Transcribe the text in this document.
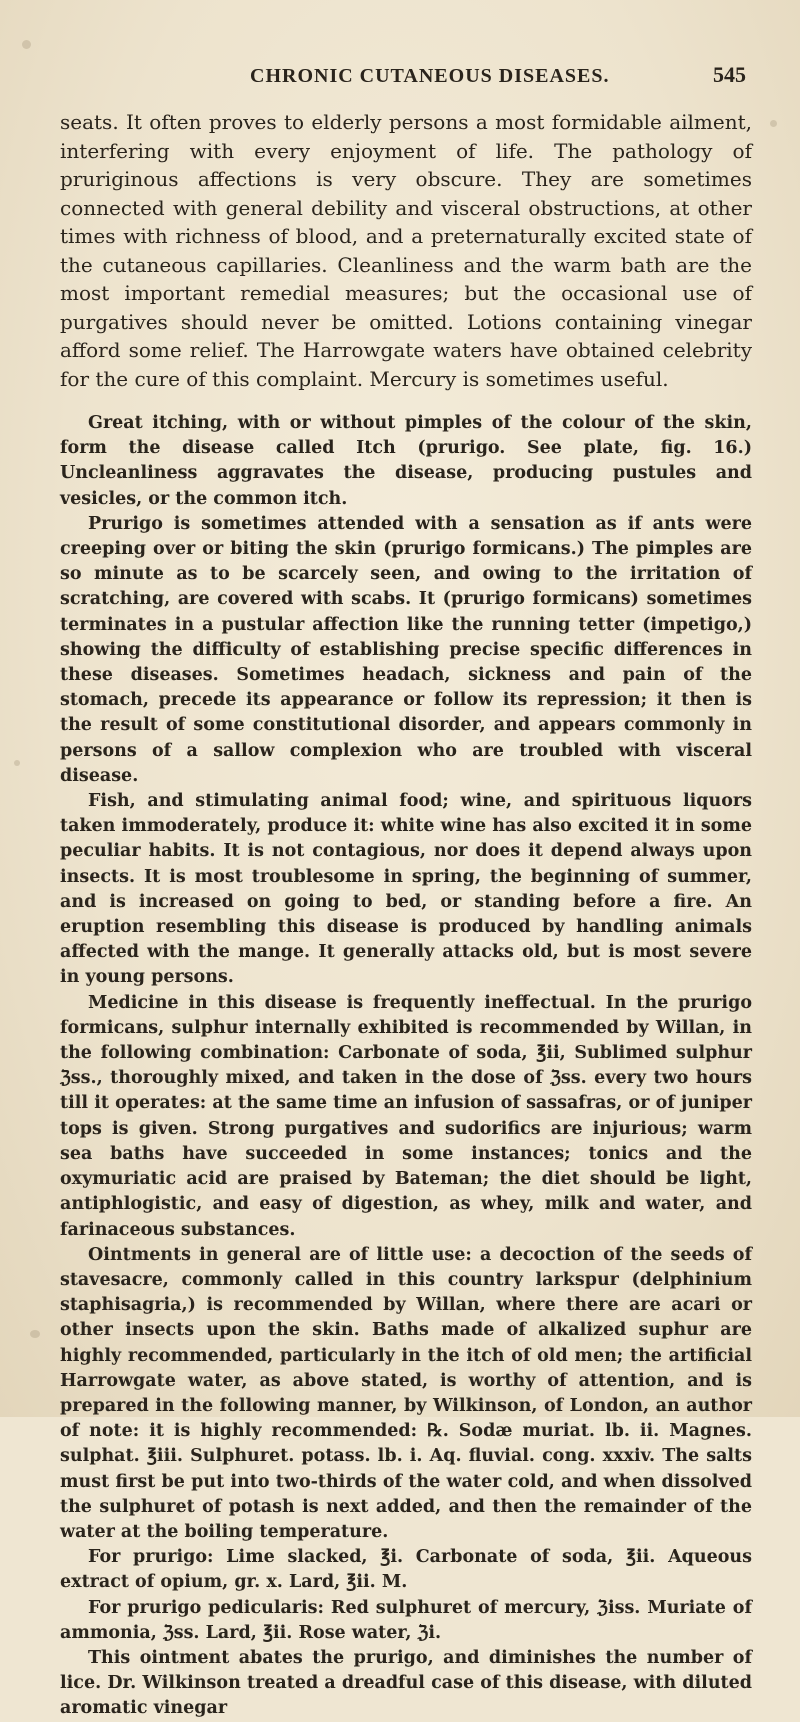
CHRONIC CUTANEOUS DISEASES.	545

seats. It often proves to elderly persons a most formidable ailment, interfering with every enjoyment of life. The pathology of pruriginous affections is very obscure. They are sometimes connected with general debility and visceral obstructions, at other times with richness of blood, and a preternaturally excited state of the cutaneous capillaries. Cleanliness and the warm bath are the most important remedial measures; but the occasional use of purgatives should never be omitted. Lotions containing vinegar afford some relief. The Harrowgate waters have obtained celebrity for the cure of this complaint. Mercury is sometimes useful.

Great itching, with or without pimples of the colour of the skin, form the disease called Itch (prurigo. See plate, fig. 16.) Uncleanliness aggravates the disease, producing pustules and vesicles, or the common itch.

Prurigo is sometimes attended with a sensation as if ants were creeping over or biting the skin (prurigo formicans.) The pimples are so minute as to be scarcely seen, and owing to the irritation of scratching, are covered with scabs. It (prurigo formicans) sometimes terminates in a pustular affection like the running tetter (impetigo,) showing the difficulty of establishing precise specific differences in these diseases. Sometimes headach, sickness and pain of the stomach, precede its appearance or follow its repression; it then is the result of some constitutional disorder, and appears commonly in persons of a sallow complexion who are troubled with visceral disease.

Fish, and stimulating animal food; wine, and spirituous liquors taken immoderately, produce it: white wine has also excited it in some peculiar habits. It is not contagious, nor does it depend always upon insects. It is most troublesome in spring, the beginning of summer, and is increased on going to bed, or standing before a fire. An eruption resembling this disease is produced by handling animals affected with the mange. It generally attacks old, but is most severe in young persons.

Medicine in this disease is frequently ineffectual. In the prurigo formicans, sulphur internally exhibited is recommended by Willan, in the following combination: Carbonate of soda, ℥ii, Sublimed sulphur ℨss., thoroughly mixed, and taken in the dose of ℨss. every two hours till it operates: at the same time an infusion of sassafras, or of juniper tops is given. Strong purgatives and sudorifics are injurious; warm sea baths have succeeded in some instances; tonics and the oxymuriatic acid are praised by Bateman; the diet should be light, antiphlogistic, and easy of digestion, as whey, milk and water, and farinaceous substances.

Ointments in general are of little use: a decoction of the seeds of stavesacre, commonly called in this country larkspur (delphinium staphisagria,) is recommended by Willan, where there are acari or other insects upon the skin. Baths made of alkalized suphur are highly recommended, particularly in the itch of old men; the artificial Harrowgate water, as above stated, is worthy of attention, and is prepared in the following manner, by Wilkinson, of London, an author of note: it is highly recommended: ℞. Sodæ muriat. lb. ii. Magnes. sulphat. ℥iii. Sulphuret. potass. lb. i. Aq. fluvial. cong. xxxiv. The salts must first be put into two-thirds of the water cold, and when dissolved the sulphuret of potash is next added, and then the remainder of the water at the boiling temperature.

For prurigo: Lime slacked, ℥i. Carbonate of soda, ℥ii. Aqueous extract of opium, gr. x. Lard, ℥ii. M.

For prurigo pedicularis: Red sulphuret of mercury, ℨiss. Muriate of ammonia, ℨss. Lard, ℥ii. Rose water, ℨi.

This ointment abates the prurigo, and diminishes the number of lice. Dr. Wilkinson treated a dreadful case of this disease, with diluted aromatic vinegar
